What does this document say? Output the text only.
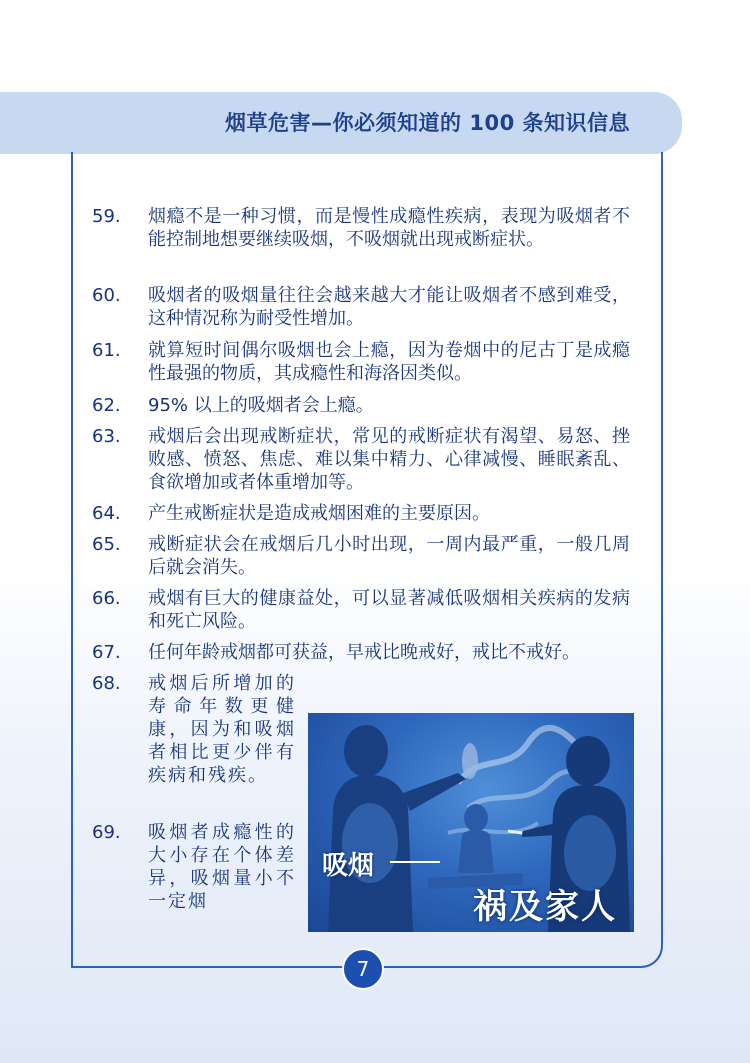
烟草危害—你必须知道的 100 条知识信息
59.	烟瘾不是一种习惯，而是慢性成瘾性疾病，表现为吸烟者不能控制地想要继续吸烟，不吸烟就出现戒断症状。
60.	吸烟者的吸烟量往往会越来越大才能让吸烟者不感到难受，这种情况称为耐受性增加。
61.	就算短时间偶尔吸烟也会上瘾，因为卷烟中的尼古丁是成瘾性最强的物质，其成瘾性和海洛因类似。
62.	95% 以上的吸烟者会上瘾。
63.	戒烟后会出现戒断症状，常见的戒断症状有渴望、易怒、挫败感、愤怒、焦虑、难以集中精力、心律减慢、睡眠紊乱、食欲增加或者体重增加等。
64.	产生戒断症状是造成戒烟困难的主要原因。
65.	戒断症状会在戒烟后几小时出现，一周内最严重，一般几周后就会消失。
66.	戒烟有巨大的健康益处，可以显著减低吸烟相关疾病的发病和死亡风险。
67.	任何年龄戒烟都可获益，早戒比晚戒好，戒比不戒好。
68.	戒烟后所增加的寿命年数更健康，因为和吸烟者相比更少伴有疾病和残疾。
69.	吸烟者成瘾性的大小存在个体差异，吸烟量小不一定烟
吸烟
祸及家人
7
